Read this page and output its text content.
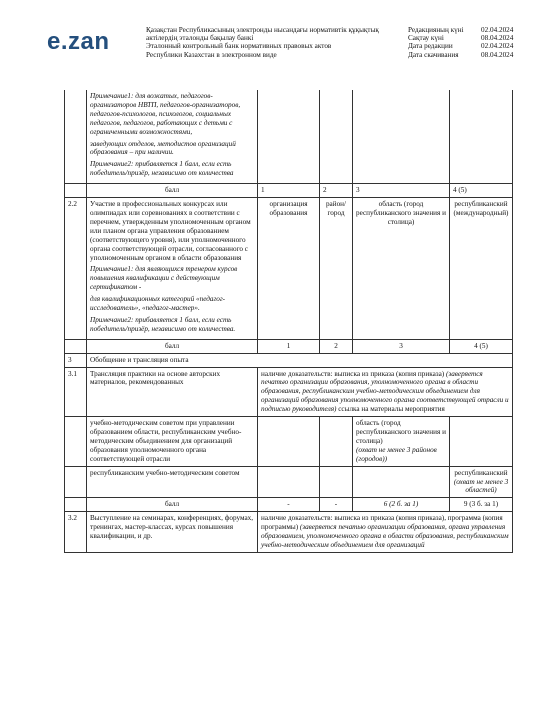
e.zan	Қазақстан Республикасының электронды нысандағы нормативтік құқықтық
актілердің эталонды бақылау банкі
Эталонный контрольный банк нормативных правовых актов
Республики Казахстан в электронном виде
Редакцияның күні	02.04.2024
Сақтау күні	08.04.2024
Дата редакции	02.04.2024
Дата скачивания	08.04.2024

	Примечание1: для вожатых, педагогов-организаторов НВТП, педагогов-организаторов, педагогов-психологов, психологов, социальных педагогов, педагогов, работающих с детьми с ограниченными возможностями,

заведующих отделов, методистов организаций образования – при наличии.

Примечание2: прибавляется 1 балл, если есть победитель/призёр, независимо от количества				

	балл	1	2	3	4 (5)
2.2	Участие в профессиональных конкурсах или олимпиадах или соревнованиях в соответствии с перечнем, утвержденным уполномоченным органом или планом органа управления образованием (соответствующего уровня), или уполномоченного органа соответствующей отрасли, согласованного с уполномоченным органом в области образования

Примечание1: для являющихся тренером курсов повышения квалификации с действующим сертификатом -

для квалификационных категорий «педагог-исследователь», «педагог-мастер».

Примечание2: прибавляется 1 балл, если есть победитель/призёр, независимо от количества.	организация образования	район/ город	область (город республиканского значения и столица)	республиканский (международный)
	балл	1	2	3	4 (5)
3	Обобщение и трансляция опыта				
3.1	Трансляция практики на основе авторских материалов, рекомендованных	наличие доказательств: выписка из приказа (копия приказа) (заверяется печатью организации образования, уполномоченного органа в области образования, республиканским учебно-методическим объединением для организаций образования уполномоченного органа соответствующей отрасли и подписью руководителя) ссылка на материалы мероприятия			
	учебно-методическим советом при управлении образованием области, республиканским учебно-методическим объединением для организаций образования уполномоченного органа соответствующей отрасли			область (город республиканского значения и столица)
(охват не менее 3 районов (городов))	

	республиканским учебно-методическим советом				республиканский
(охват не менее 3 областей)

	балл	-	-	6 (2 б. за 1)	9 (3 б. за 1)
3.2	Выступление на семинарах, конференциях, форумах, тренингах, мастер-классах, курсах повышения квалификации, и др.	наличие доказательств: выписка из приказа (копия приказа), программа (копия программы) (заверяется печатью организации образования, органа управления образованием, уполномоченного органа в области образования, республиканским учебно-методическим объединением для организаций			
